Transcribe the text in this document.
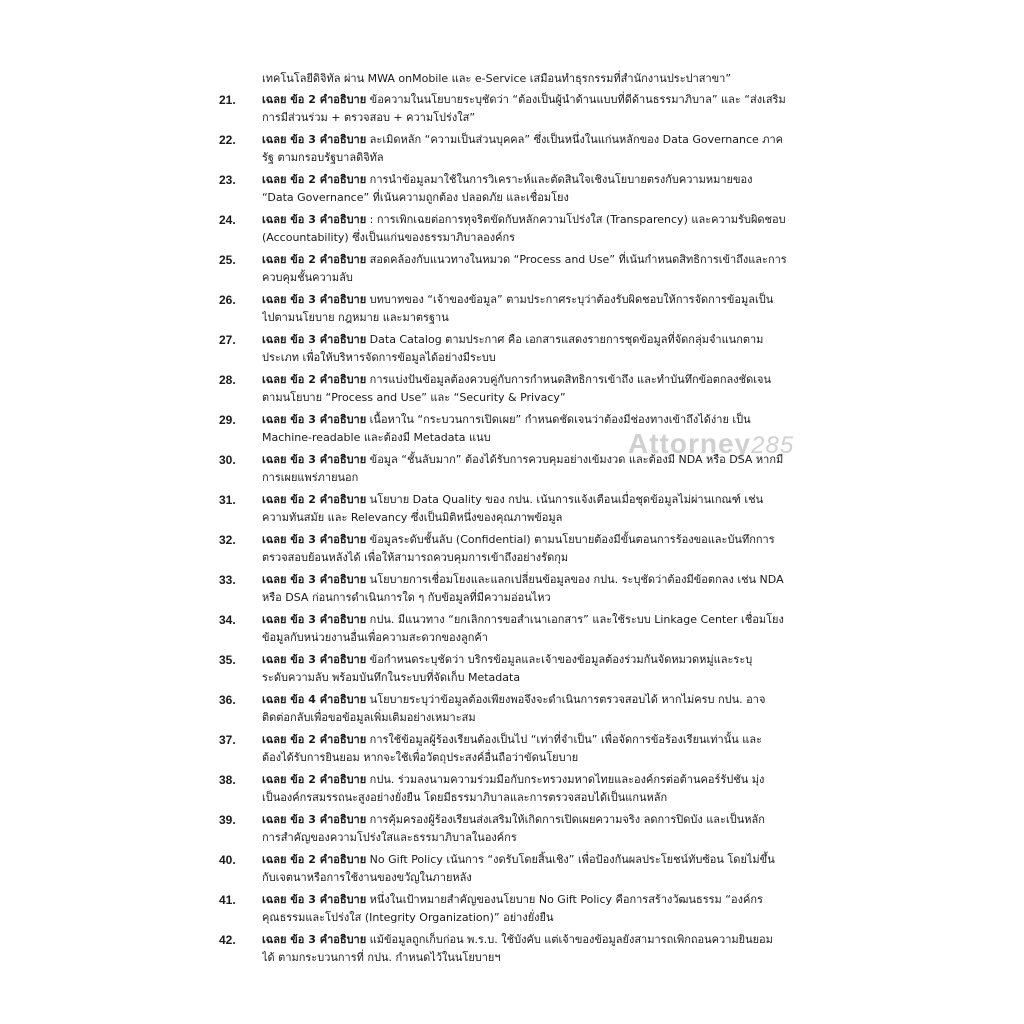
เทคโนโลยีดิจิทัล ผ่าน MWA onMobile และ e-Service เสมือนทำธุรกรรมที่สำนักงานประปาสาขา”
21. เฉลย ข้อ 2 คำอธิบาย ข้อความในนโยบายระบุชัดว่า “ต้องเป็นผู้นำด้านแบบที่ดีด้านธรรมาภิบาล” และ “ส่งเสริม
การมีส่วนร่วม + ตรวจสอบ + ความโปร่งใส”
22. เฉลย ข้อ 3 คำอธิบาย ละเมิดหลัก “ความเป็นส่วนบุคคล” ซึ่งเป็นหนึ่งในแก่นหลักของ Data Governance ภาค
รัฐ ตามกรอบรัฐบาลดิจิทัล
23. เฉลย ข้อ 2 คำอธิบาย การนำข้อมูลมาใช้ในการวิเคราะห์และตัดสินใจเชิงนโยบายตรงกับความหมายของ
“Data Governance” ที่เน้นความถูกต้อง ปลอดภัย และเชื่อมโยง
24. เฉลย ข้อ 3 คำอธิบาย : การเพิกเฉยต่อการทุจริตขัดกับหลักความโปร่งใส (Transparency) และความรับผิดชอบ
(Accountability) ซึ่งเป็นแก่นของธรรมาภิบาลองค์กร
25. เฉลย ข้อ 2 คำอธิบาย สอดคล้องกับแนวทางในหมวด “Process and Use” ที่เน้นกำหนดสิทธิการเข้าถึงและการ
ควบคุมชั้นความลับ
26. เฉลย ข้อ 3 คำอธิบาย บทบาทของ “เจ้าของข้อมูล” ตามประกาศระบุว่าต้องรับผิดชอบให้การจัดการข้อมูลเป็น
ไปตามนโยบาย กฎหมาย และมาตรฐาน
27. เฉลย ข้อ 3 คำอธิบาย Data Catalog ตามประกาศ คือ เอกสารแสดงรายการชุดข้อมูลที่จัดกลุ่มจำแนกตาม
ประเภท เพื่อให้บริหารจัดการข้อมูลได้อย่างมีระบบ
28. เฉลย ข้อ 2 คำอธิบาย การแบ่งปันข้อมูลต้องควบคู่กับการกำหนดสิทธิการเข้าถึง และทำบันทึกข้อตกลงชัดเจน
ตามนโยบาย “Process and Use” และ “Security & Privacy”
29. เฉลย ข้อ 3 คำอธิบาย เนื้อหาใน “กระบวนการเปิดเผย” กำหนดชัดเจนว่าต้องมีช่องทางเข้าถึงได้ง่าย เป็น
Machine-readable และต้องมี Metadata แนบ
30. เฉลย ข้อ 3 คำอธิบาย ข้อมูล “ชั้นลับมาก” ต้องได้รับการควบคุมอย่างเข้มงวด และต้องมี NDA หรือ DSA หากมี
การเผยแพร่ภายนอก
31. เฉลย ข้อ 2 คำอธิบาย นโยบาย Data Quality ของ กปน. เน้นการแจ้งเตือนเมื่อชุดข้อมูลไม่ผ่านเกณฑ์ เช่น
ความทันสมัย และ Relevancy ซึ่งเป็นมิติหนึ่งของคุณภาพข้อมูล
32. เฉลย ข้อ 3 คำอธิบาย ข้อมูลระดับชั้นลับ (Confidential) ตามนโยบายต้องมีขั้นตอนการร้องขอและบันทึกการ
ตรวจสอบย้อนหลังได้ เพื่อให้สามารถควบคุมการเข้าถึงอย่างรัดกุม
33. เฉลย ข้อ 3 คำอธิบาย นโยบายการเชื่อมโยงและแลกเปลี่ยนข้อมูลของ กปน. ระบุชัดว่าต้องมีข้อตกลง เช่น NDA
หรือ DSA ก่อนการดำเนินการใด ๆ กับข้อมูลที่มีความอ่อนไหว
34. เฉลย ข้อ 3 คำอธิบาย กปน. มีแนวทาง “ยกเลิกการขอสำเนาเอกสาร” และใช้ระบบ Linkage Center เชื่อมโยง
ข้อมูลกับหน่วยงานอื่นเพื่อความสะดวกของลูกค้า
35. เฉลย ข้อ 3 คำอธิบาย ข้อกำหนดระบุชัดว่า บริกรข้อมูลและเจ้าของข้อมูลต้องร่วมกันจัดหมวดหมู่และระบุ
ระดับความลับ พร้อมบันทึกในระบบที่จัดเก็บ Metadata
36. เฉลย ข้อ 4 คำอธิบาย นโยบายระบุว่าข้อมูลต้องเพียงพอจึงจะดำเนินการตรวจสอบได้ หากไม่ครบ กปน. อาจ
ติดต่อกลับเพื่อขอข้อมูลเพิ่มเติมอย่างเหมาะสม
37. เฉลย ข้อ 2 คำอธิบาย การใช้ข้อมูลผู้ร้องเรียนต้องเป็นไป “เท่าที่จำเป็น” เพื่อจัดการข้อร้องเรียนเท่านั้น และ
ต้องได้รับการยินยอม หากจะใช้เพื่อวัตถุประสงค์อื่นถือว่าขัดนโยบาย
38. เฉลย ข้อ 2 คำอธิบาย กปน. ร่วมลงนามความร่วมมือกับกระทรวงมหาดไทยและองค์กรต่อต้านคอร์รัปชัน มุ่ง
เป็นองค์กรสมรรถนะสูงอย่างยั่งยืน โดยมีธรรมาภิบาลและการตรวจสอบได้เป็นแกนหลัก
39. เฉลย ข้อ 3 คำอธิบาย การคุ้มครองผู้ร้องเรียนส่งเสริมให้เกิดการเปิดเผยความจริง ลดการปิดบัง และเป็นหลัก
การสำคัญของความโปร่งใสและธรรมาภิบาลในองค์กร
40. เฉลย ข้อ 2 คำอธิบาย No Gift Policy เน้นการ “งดรับโดยสิ้นเชิง” เพื่อป้องกันผลประโยชน์ทับซ้อน โดยไม่ขึ้น
กับเจตนาหรือการใช้งานของขวัญในภายหลัง
41. เฉลย ข้อ 3 คำอธิบาย หนึ่งในเป้าหมายสำคัญของนโยบาย No Gift Policy คือการสร้างวัฒนธรรม “องค์กร
คุณธรรมและโปร่งใส (Integrity Organization)” อย่างยั่งยืน
42. เฉลย ข้อ 3 คำอธิบาย แม้ข้อมูลถูกเก็บก่อน พ.ร.บ. ใช้บังคับ แต่เจ้าของข้อมูลยังสามารถเพิกถอนความยินยอม
ได้ ตามกระบวนการที่ กปน. กำหนดไว้ในนโยบายฯ
Attorney285
